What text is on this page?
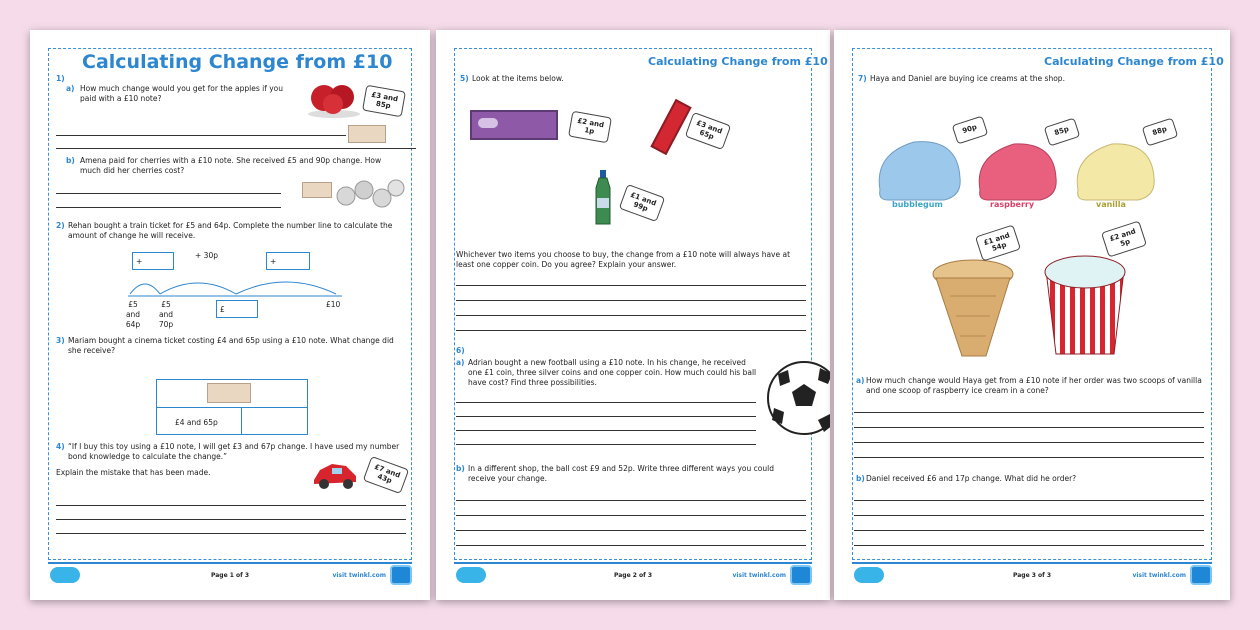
Calculating Change from £10
1)
a) How much change would you get for the apples if you paid with a £10 note?	£3 and 85p
b) Amena paid for cherries with a £10 note. She received £5 and 90p change. How much did her cherries cost?
2) Rehan bought a train ticket for £5 and 64p. Complete the number line to calculate the amount of change he will receive.
+
+ 30p
+
£5 and 64p
£5 and 70p
£
£10
3) Mariam bought a cinema ticket costing £4 and 65p using a £10 note. What change did she receive?
£4 and 65p
4) “If I buy this toy using a £10 note, I will get £3 and 67p change. I have used my number bond knowledge to calculate the change.”
Explain the mistake that has been made.	£7 and 43p
Page 1 of 3	visit twinkl.com
Calculating Change from £10
5) Look at the items below.
£2 and 1p	£3 and 65p
£1 and 99p
Whichever two items you choose to buy, the change from a £10 note will always have at least one copper coin. Do you agree? Explain your answer.
6)
a) Adrian bought a new football using a £10 note. In his change, he received one £1 coin, three silver coins and one copper coin. How much could his ball have cost? Find three possibilities.
b) In a different shop, the ball cost £9 and 52p. Write three different ways you could receive your change.
Page 2 of 3	visit twinkl.com
Calculating Change from £10
7) Haya and Daniel are buying ice creams at the shop.
bubblegum
90p
raspberry
85p
vanilla
88p
£1 and 54p
£2 and 5p
a) How much change would Haya get from a £10 note if her order was two scoops of vanilla and one scoop of raspberry ice cream in a cone?
b) Daniel received £6 and 17p change. What did he order?
Page 3 of 3	visit twinkl.com
